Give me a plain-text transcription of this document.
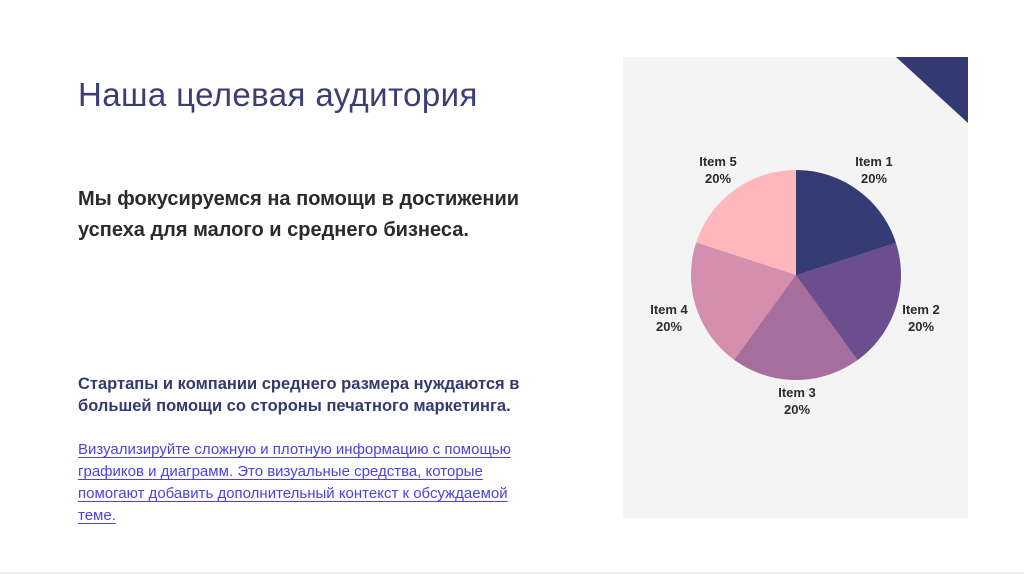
Наша целевая аудитория

Мы фокусируемся на помощи в достижении успеха для малого и среднего бизнеса.

Стартапы и компании среднего размера нуждаются в большей помощи со стороны печатного маркетинга.

Визуализируйте сложную и плотную информацию с помощью графиков и диаграмм. Это визуальные средства, которые помогают добавить дополнительный контекст к обсуждаемой теме.

Item 1
20%
Item 2
20%
Item 3
20%
Item 4
20%
Item 5
20%
